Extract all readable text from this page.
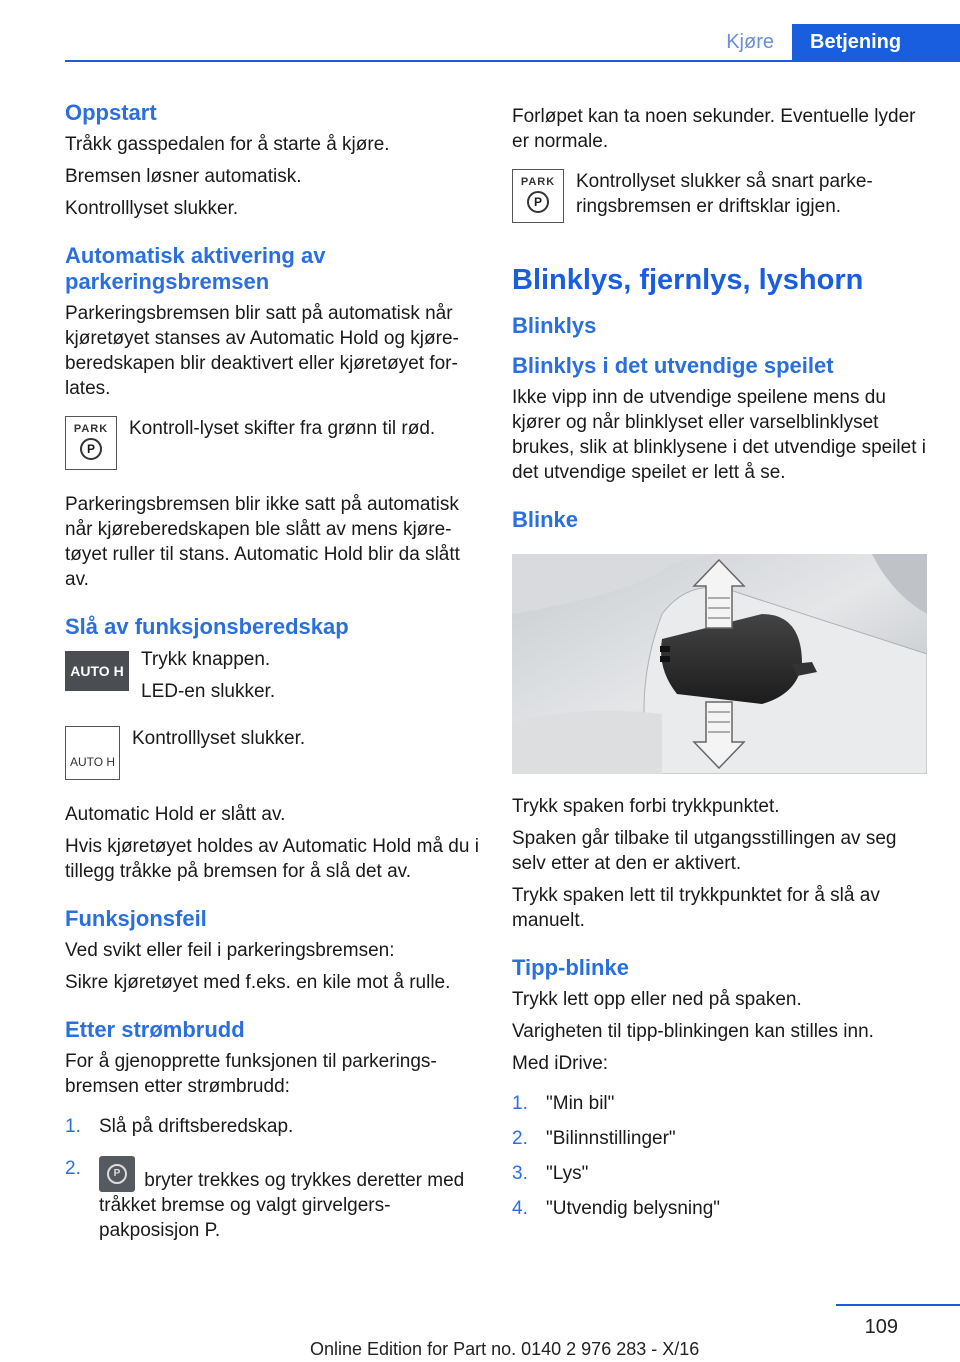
Kjøre	Betjening
Oppstart

Tråkk gasspedalen for å starte å kjøre.

Bremsen løsner automatisk.

Kontrolllyset slukker.

Automatisk aktivering av parkeringsbremsen

Parkeringsbremsen blir satt på automatisk når kjøretøyet stanses av Automatic Hold og kjøreberedskapen blir deaktivert eller kjøretøyet forlates.

PARK
P

Kontroll-lyset skifter fra grønn til rød.

Parkeringsbremsen blir ikke satt på automatisk når kjøreberedskapen ble slått av mens kjøretøyet ruller til stans. Automatic Hold blir da slått av.

Slå av funksjonsberedskap
AUTO H

Trykk knappen.

LED-en slukker.

AUTO H

Kontrolllyset slukker.

Automatic Hold er slått av.

Hvis kjøretøyet holdes av Automatic Hold må du i tillegg tråkke på bremsen for å slå det av.

Funksjonsfeil

Ved svikt eller feil i parkeringsbremsen:

Sikre kjøretøyet med f.eks. en kile mot å rulle.

Etter strømbrudd

For å gjenopprette funksjonen til parkeringsbremsen etter strømbrudd:

1. Slå på driftsberedskap.
2.	P bryter trekkes og trykkes deretter med tråkket bremse og valgt girvelgerspakposisjon P.

Forløpet kan ta noen sekunder. Eventuelle lyder er normale.

PARK
P

Kontrollyset slukker så snart parkeringsbremsen er driftsklar igjen.

Blinklys, fjernlys, lyshorn
Blinklys
Blinklys i det utvendige speilet

Ikke vipp inn de utvendige speilene mens du kjører og når blinklyset eller varselblinklyset brukes, slik at blinklysene i det utvendige speilet i det utvendige speilet er lett å se.

Blinke

Trykk spaken forbi trykkpunktet.

Spaken går tilbake til utgangsstillingen av seg selv etter at den er aktivert.

Trykk spaken lett til trykkpunktet for å slå av manuelt.

Tipp-blinke

Trykk lett opp eller ned på spaken.

Varigheten til tipp-blinkingen kan stilles inn.

Med iDrive:

1. "Min bil"
2. "Bilinnstillinger"
3. "Lys"
4. "Utvendig belysning"
109
Online Edition for Part no. 0140 2 976 283 - X/16
